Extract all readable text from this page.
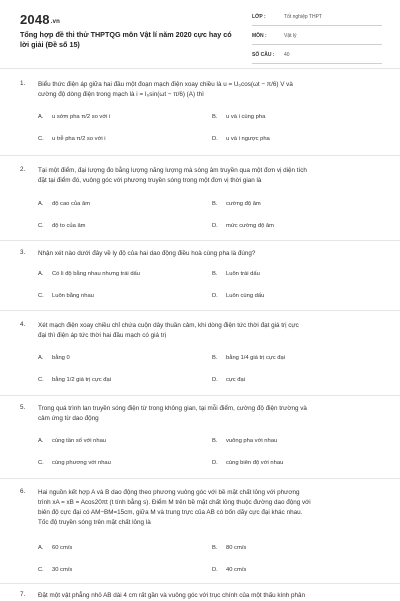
2048.vn
Tổng hợp đề thi thử THPTQG môn Vật lí năm 2020 cực hay có lời giải (Đề số 15)
LỚP :	Tốt nghiệp THPT
MÔN :	Vật lý
SỐ CÂU : 40
1. Biểu thức điện áp giữa hai đầu một đoạn mạch điện xoay chiều là u = U₀cos(ωt − π/6) V và
cường độ dòng điện trong mạch là i = I₀sin(ωt − π/6) (A) thì
A. u sớm pha π/2 so với i	B. u và i cùng pha
C. u trễ pha π/2 so với i	D. u và i ngược pha
2. Tại một điểm, đại lượng đo bằng lượng năng lượng mà sóng âm truyền qua một đơn vị diện tích
đặt tại điểm đó, vuông góc với phương truyền sóng trong một đơn vị thời gian là
A. độ cao của âm	B. cường độ âm
C. độ to của âm	D. mức cường độ âm
3. Nhận xét nào dưới đây về ly độ của hai dao động điều hoà cùng pha là đúng?
A. Có li độ bằng nhau nhưng trái dấu	B. Luôn trái dấu
C. Luôn bằng nhau	D. Luôn cùng dấu
4. Xét mạch điện xoay chiều chỉ chứa cuộn dây thuần cảm, khi dòng điện tức thời đạt giá trị cực
đại thì điện áp tức thời hai đầu mạch có giá trị
A. bằng 0	B. bằng 1/4 giá trị cực đại
C. bằng 1/2 giá trị cực đại	D. cực đại
5. Trong quá trình lan truyền sóng điện từ trong không gian, tại mỗi điểm, cường độ điện trường và
cảm ứng từ dao động
A. cùng tần số với nhau	B. vuông pha với nhau
C. cùng phương với nhau	D. cùng biên độ với nhau
6. Hai nguồn kết hợp A và B dao động theo phương vuông góc với bề mặt chất lỏng với phương
trình xA = xB = Acos20πt (t tính bằng s). Điểm M trên bề mặt chất lỏng thuộc đường dao động với
biên độ cực đại có AM−BM=15cm, giữa M và trung trực của AB có bốn dãy cực đại khác nhau.
Tốc độ truyền sóng trên mặt chất lỏng là
A. 60 cm/s	B. 80 cm/s
C. 30 cm/s	D. 40 cm/s
7. Đặt một vật phẳng nhỏ AB dài 4 cm rất gần và vuông góc với trục chính của một thấu kính phân
